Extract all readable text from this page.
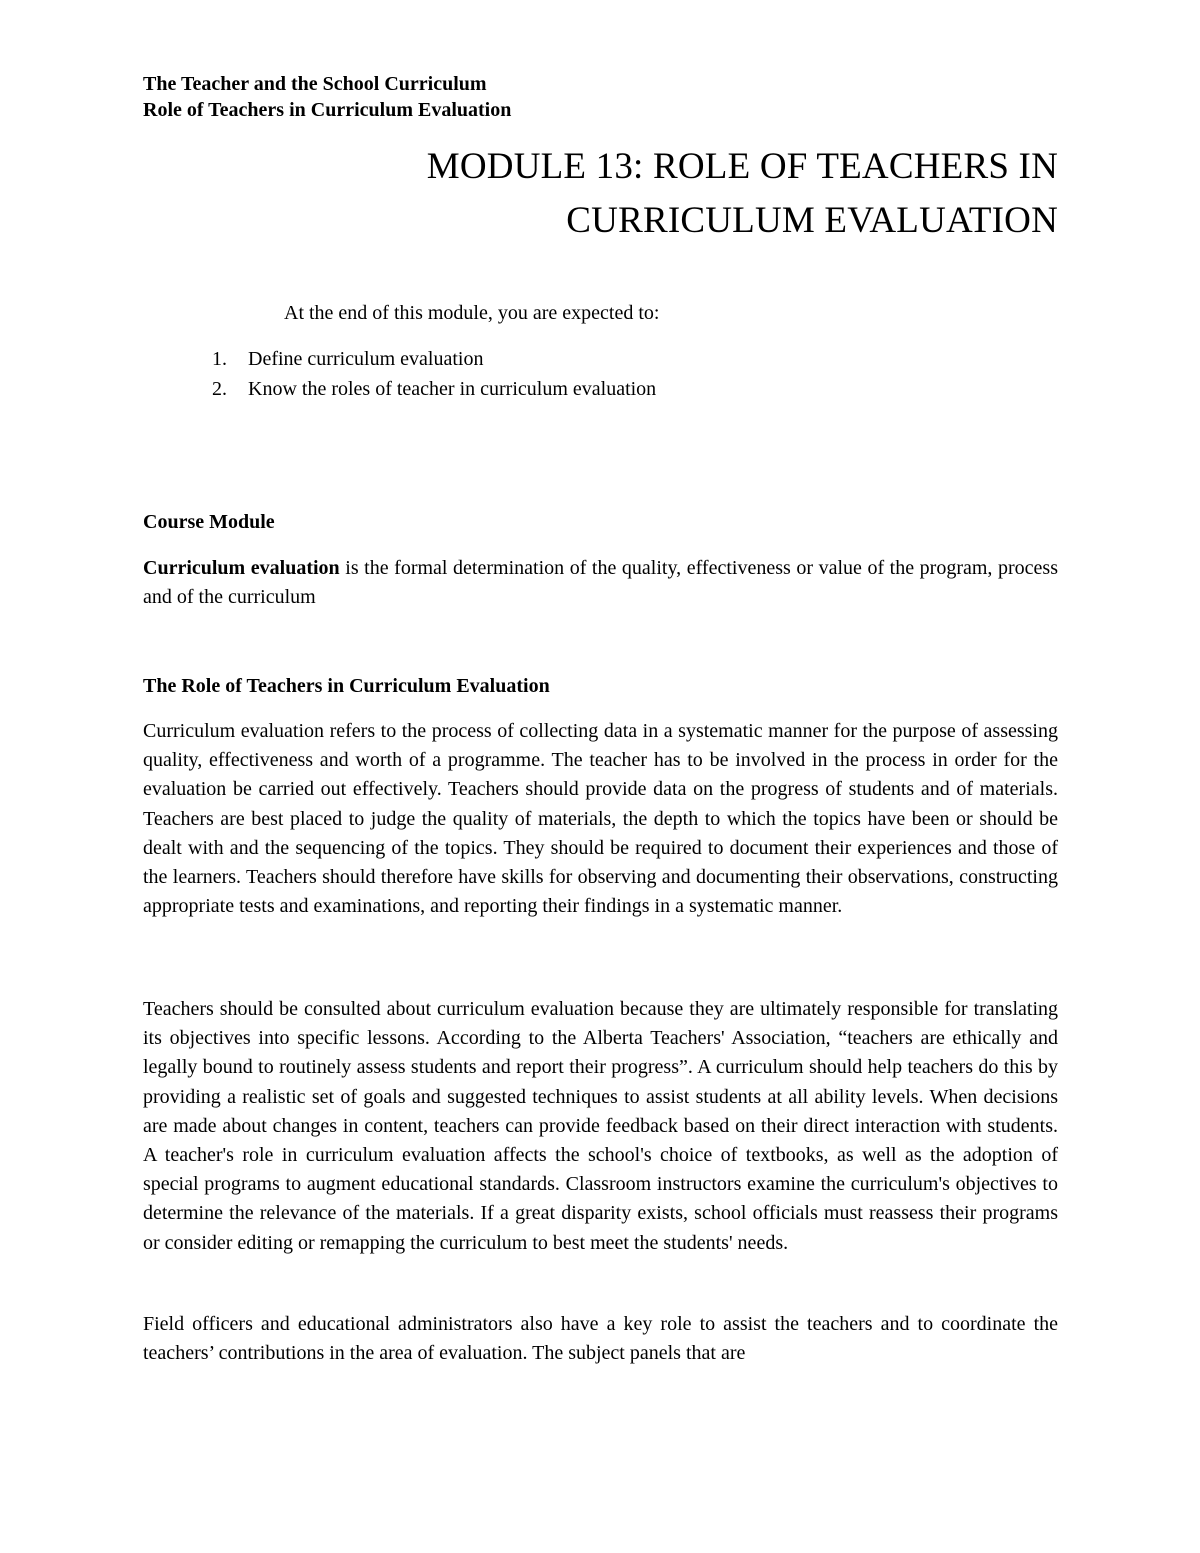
The Teacher and the School Curriculum
Role of Teachers in Curriculum Evaluation
MODULE 13: ROLE OF TEACHERS IN
CURRICULUM EVALUATION
At the end of this module, you are expected to:
1.	Define curriculum evaluation
2.	Know the roles of teacher in curriculum evaluation
Course Module

Curriculum evaluation is the formal determination of the quality, effectiveness or value of the program, process and of the curriculum

The Role of Teachers in Curriculum Evaluation

Curriculum evaluation refers to the process of collecting data in a systematic manner for the purpose of assessing quality, effectiveness and worth of a programme. The teacher has to be involved in the process in order for the evaluation be carried out effectively. Teachers should provide data on the progress of students and of materials. Teachers are best placed to judge the quality of materials, the depth to which the topics have been or should be dealt with and the sequencing of the topics. They should be required to document their experiences and those of the learners. Teachers should therefore have skills for observing and documenting their observations, constructing appropriate tests and examinations, and reporting their findings in a systematic manner.

Teachers should be consulted about curriculum evaluation because they are ultimately responsible for translating its objectives into specific lessons. According to the Alberta Teachers' Association, “teachers are ethically and legally bound to routinely assess students and report their progress”. A curriculum should help teachers do this by providing a realistic set of goals and suggested techniques to assist students at all ability levels. When decisions are made about changes in content, teachers can provide feedback based on their direct interaction with students. A teacher's role in curriculum evaluation affects the school's choice of textbooks, as well as the adoption of special programs to augment educational standards. Classroom instructors examine the curriculum's objectives to determine the relevance of the materials. If a great disparity exists, school officials must reassess their programs or consider editing or remapping the curriculum to best meet the students' needs.

Field officers and educational administrators also have a key role to assist the teachers and to coordinate the teachers’ contributions in the area of evaluation. The subject panels that are
